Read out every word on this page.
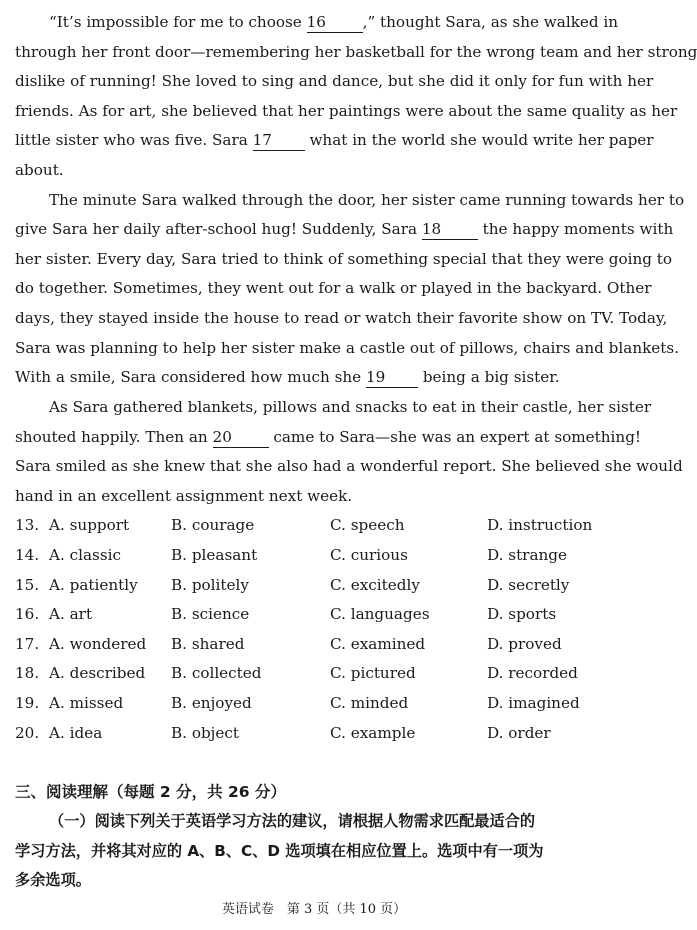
“It’s impossible for me to choose 16 ,” thought Sara, as she walked in
through her front door—remembering her basketball for the wrong team and her strong
dislike of running! She loved to sing and dance, but she did it only for fun with her
friends. As for art, she believed that her paintings were about the same quality as her
little sister who was five. Sara 17 what in the world she would write her paper
about.
The minute Sara walked through the door, her sister came running towards her to
give Sara her daily after-school hug! Suddenly, Sara 18	the happy moments with
her sister. Every day, Sara tried to think of something special that they were going to
do together. Sometimes, they went out for a walk or played in the backyard. Other
days, they stayed inside the house to read or watch their favorite show on TV. Today,
Sara was planning to help her sister make a castle out of pillows, chairs and blankets.
With a smile, Sara considered how much she 19 being a big sister.
As Sara gathered blankets, pillows and snacks to eat in their castle, her sister
shouted happily. Then an 20	came to Sara—she was an expert at something!
Sara smiled as she knew that she also had a wonderful report. She believed she would
hand in an excellent assignment next week.
13. A. support	B. courage	C. speech	D. instruction
14. A. classic	B. pleasant	C. curious	D. strange
15. A. patiently B. politely	C. excitedly	D. secretly
16. A. art	B. science	C. languages	D. sports
17. A. wondered B. shared	C. examined	D. proved
18. A. described B. collected	C. pictured	D. recorded
19. A. missed	B. enjoyed	C. minded	D. imagined
20. A. idea	B. object	C. example	D. order
三、阅读理解（每题 2 分，共 26 分）
（一）阅读下列关于英语学习方法的建议，请根据人物需求匹配最适合的
学习方法，并将其对应的 A、B、C、D 选项填在相应位置上。选项中有一项为
多余选项。
英语试卷　第 3 页（共 10 页）
